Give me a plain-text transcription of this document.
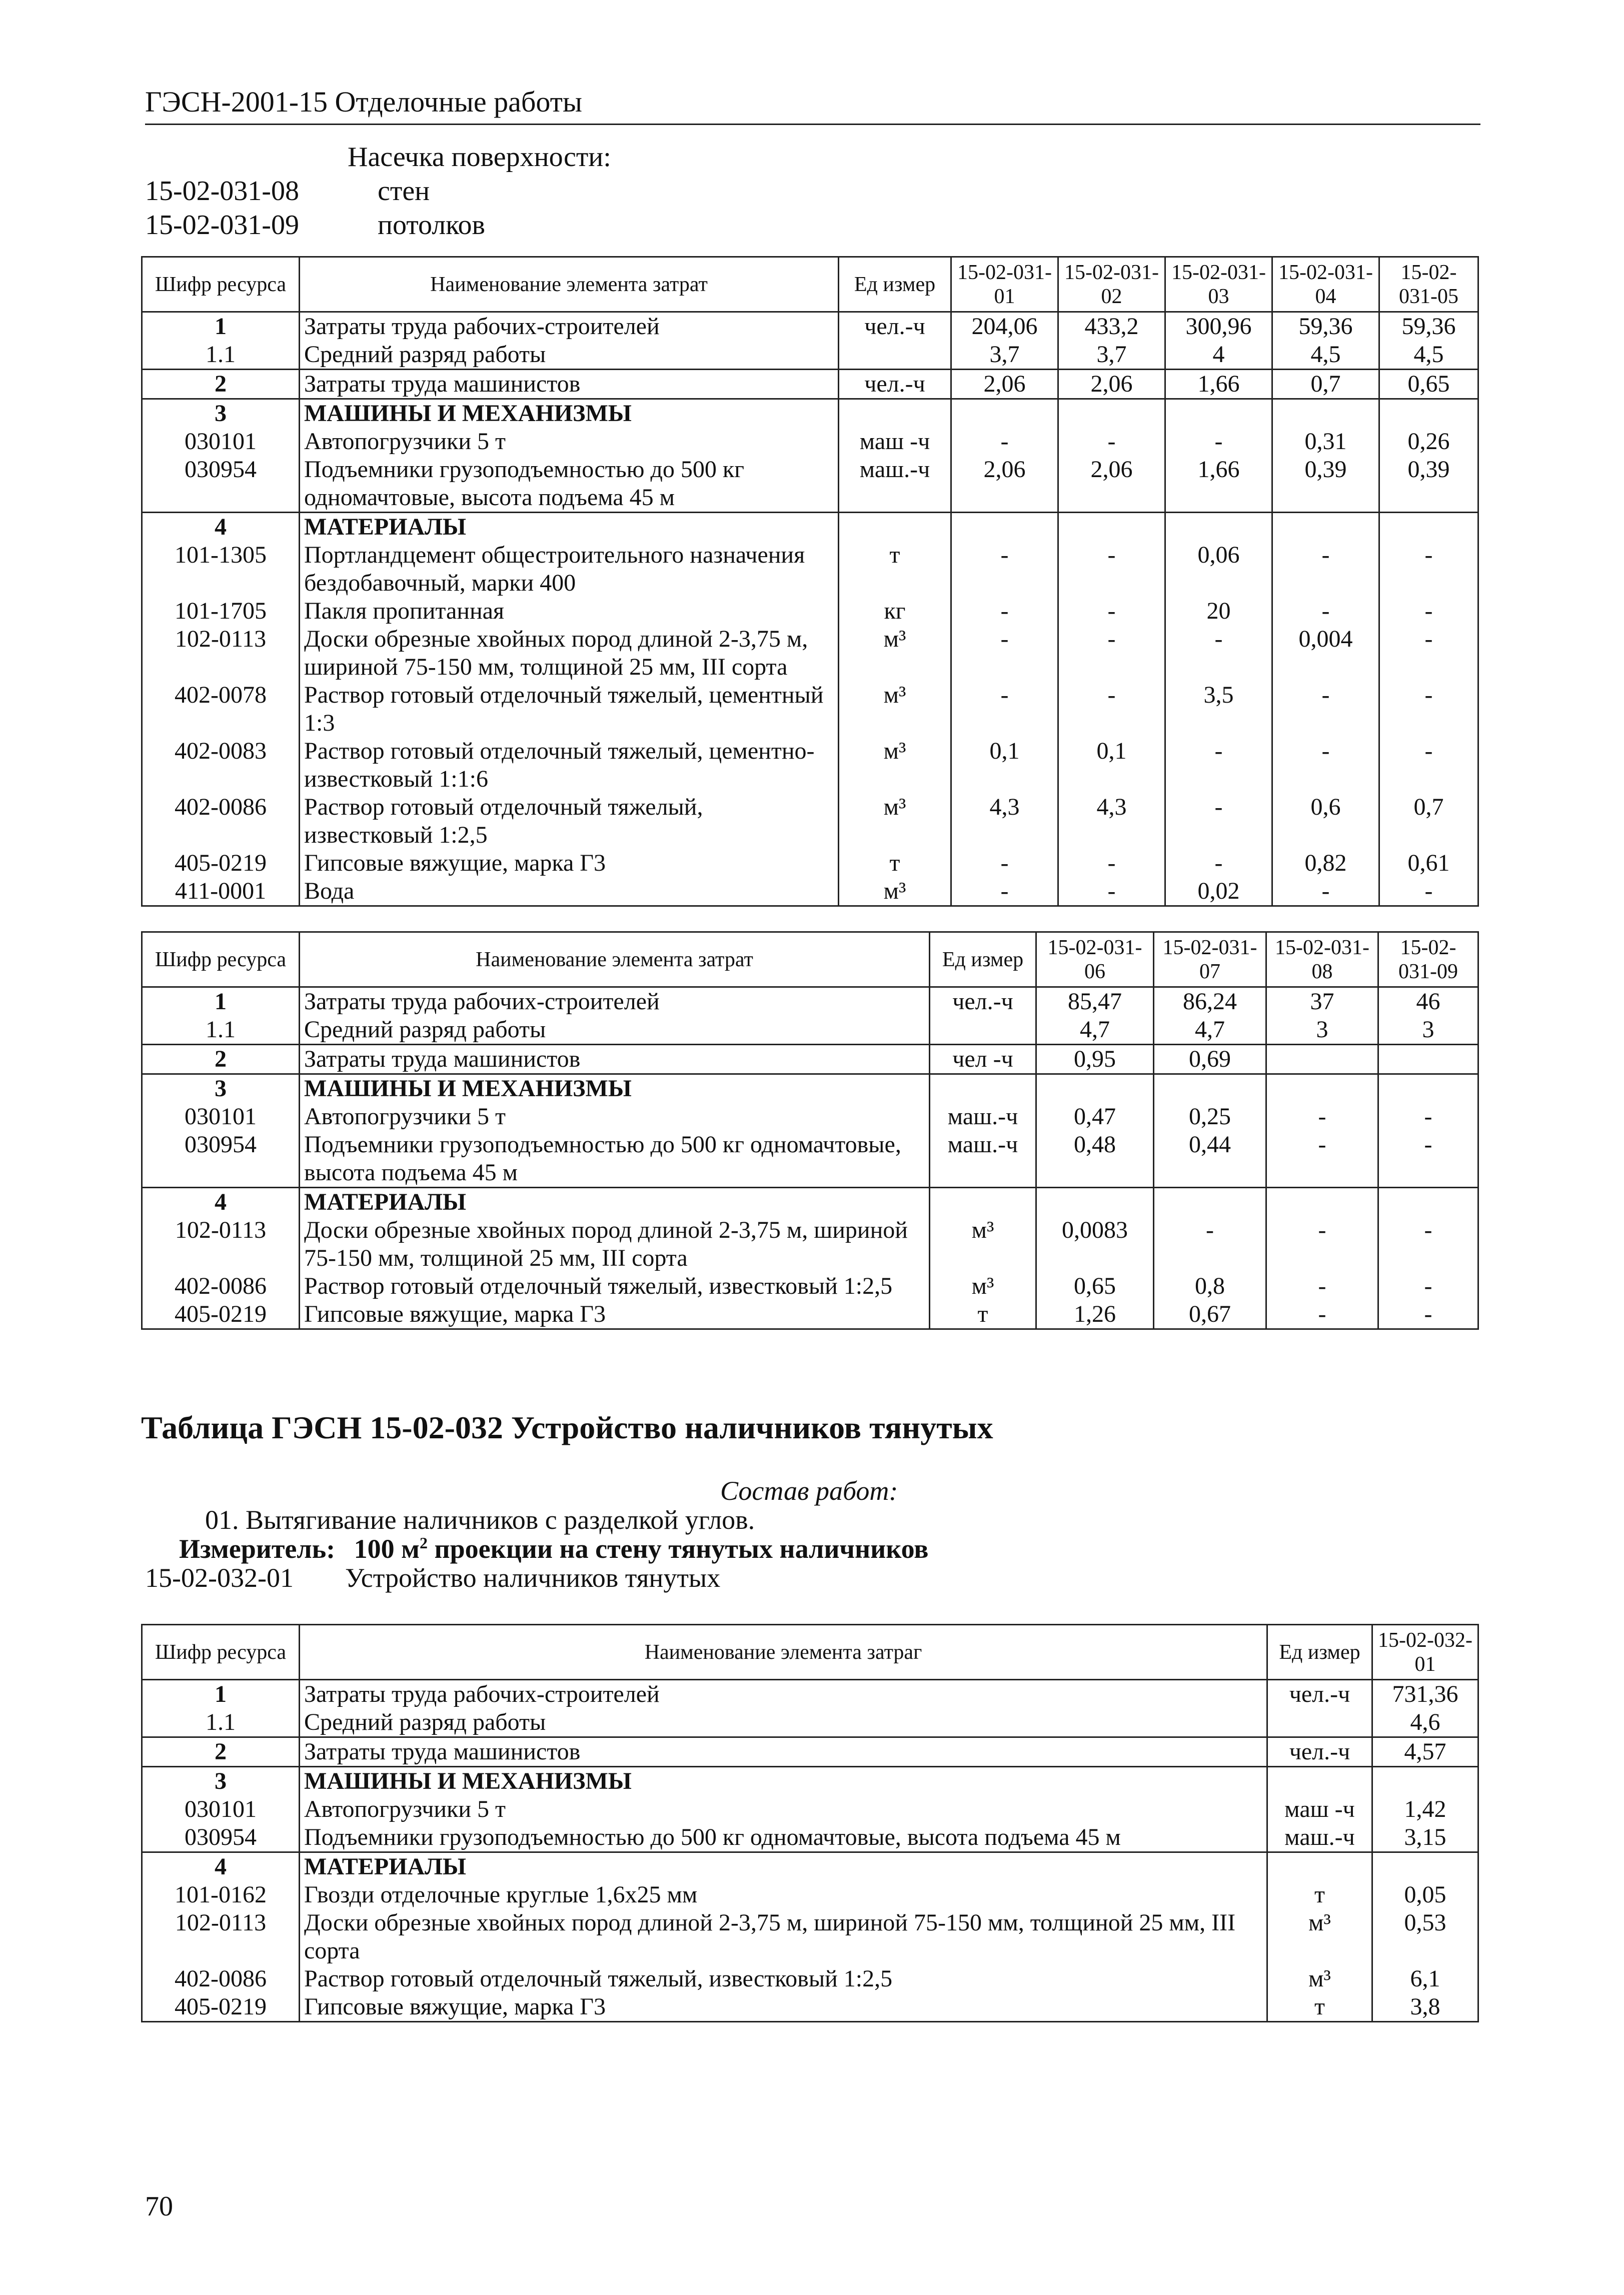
ГЭСН-2001-15 Отделочные работы
Насечка поверхности:
15-02-031-08	стен
15-02-031-09	потолков
Шифр ресурса	Наименование элемента затрат	Ед измер	15-02-031-01	15-02-031-02	15-02-031-03	15-02-031-04	15-02-031-05
1	Затраты труда рабочих-строителей	чел.-ч	204,06	433,2	300,96	59,36	59,36
1.1	Средний разряд работы		3,7	3,7	4	4,5	4,5
2	Затраты труда машинистов	чел.-ч	2,06	2,06	1,66	0,7	0,65
3	МАШИНЫ И МЕХАНИЗМЫ						
030101	Автопогрузчики 5 т	маш -ч	-	-	-	0,31	0,26
030954	Подъемники грузоподъемностью до 500 кг одномачтовые, высота подъема 45 м	маш.-ч	2,06	2,06	1,66	0,39	0,39
4	МАТЕРИАЛЫ						
101-1305	Портландцемент общестроительного назначения бездобавочный, марки 400	т	-	-	0,06	-	-
101-1705	Пакля пропитанная	кг	-	-	20	-	-
102-0113	Доски обрезные хвойных пород длиной 2-3,75 м, шириной 75-150 мм, толщиной 25 мм, III сорта	м³	-	-	-	0,004	-
402-0078	Раствор готовый отделочный тяжелый, цементный 1:3	м³	-	-	3,5	-	-
402-0083	Раствор готовый отделочный тяжелый, цементно-известковый 1:1:6	м³	0,1	0,1	-	-	-
402-0086	Раствор готовый отделочный тяжелый, известковый 1:2,5	м³	4,3	4,3	-	0,6	0,7
405-0219	Гипсовые вяжущие, марка Г3	т	-	-	-	0,82	0,61
411-0001	Вода	м³	-	-	0,02	-	-
Шифр ресурса	Наименование элемента затрат	Ед измер	15-02-031-06	15-02-031-07	15-02-031-08	15-02-031-09
1	Затраты труда рабочих-строителей	чел.-ч	85,47	86,24	37	46
1.1	Средний разряд работы		4,7	4,7	3	3
2	Затраты труда машинистов	чел -ч	0,95	0,69		
3	МАШИНЫ И МЕХАНИЗМЫ					
030101	Автопогрузчики 5 т	маш.-ч	0,47	0,25	-	-
030954	Подъемники грузоподъемностью до 500 кг одномачтовые, высота подъема 45 м	маш.-ч	0,48	0,44	-	-
4	МАТЕРИАЛЫ					
102-0113	Доски обрезные хвойных пород длиной 2-3,75 м, шириной 75-150 мм, толщиной 25 мм, III сорта	м³	0,0083	-	-	-
402-0086	Раствор готовый отделочный тяжелый, известковый 1:2,5	м³	0,65	0,8	-	-
405-0219	Гипсовые вяжущие, марка Г3	т	1,26	0,67	-	-
Таблица ГЭСН 15-02-032 Устройство наличников тянутых
Состав работ:
01. Вытягивание наличников с разделкой углов.
Измеритель: 100 $м^2$ проекции на стену тянутых наличников
15-02-032-01	Устройство наличников тянутых
Шифр ресурса	Наименование элемента затраг	Ед измер	15-02-032-01
1	Затраты труда рабочих-строителей	чел.-ч	731,36
1.1	Средний разряд работы		4,6
2	Затраты труда машинистов	чел.-ч	4,57
3	МАШИНЫ И МЕХАНИЗМЫ		
030101	Автопогрузчики 5 т	маш -ч	1,42
030954	Подъемники грузоподъемностью до 500 кг одномачтовые, высота подъема 45 м	маш.-ч	3,15
4	МАТЕРИАЛЫ		
101-0162	Гвозди отделочные круглые 1,6x25 мм	т	0,05
102-0113	Доски обрезные хвойных пород длиной 2-3,75 м, шириной 75-150 мм, толщиной 25 мм, III сорта	м³	0,53
402-0086	Раствор готовый отделочный тяжелый, известковый 1:2,5	м³	6,1
405-0219	Гипсовые вяжущие, марка Г3	т	3,8
70
